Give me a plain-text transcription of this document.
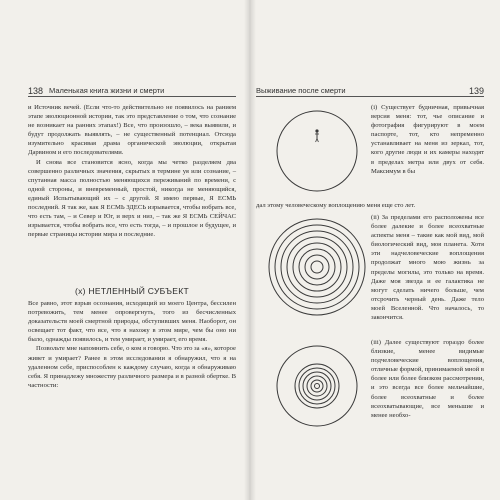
138 Маленькая книга жизни и смерти

и Источник вечей. (Если что-то действительно не появилось на ранием этапе эволюционной истории, так это представление о том, что сознание не возникает на ранних этапах!) Все, что произошло, – века выявили, и будут продолжать выявлять, – не существенный потенциал. Отсюда изумительно красивая драма органической эволюции, открытая Дарвином и его последователями.

И снова все становится ясно, когда мы четко разделяем два совершенно различных значения, скрытых в термине уя или сознание, – спутанная масса полностью меняющихся переживаний по времени, с одной стороны, и вневременный, простой, никогда не меняющийся, единый Испытывающий их – с другой. Я имею первые, Я ЕСМЬ последний. Я так же, как Я ЕСМЬ ЗДЕСЬ изрывается, чтобы вобрать все, что есть там, – и Север и Юг, и верх и низ, – так же Я ЕСМЬ СЕЙЧАС изрывается, чтобы вобрать все, что есть тогда, – и прошлое и будущее, и первые страницы истории мира и последние.

(х) НЕТЛЕННЫЙ СУБЪЕКТ

Все равно, этот взрыв осознания, исходящий из моего Центра, бессилен потревожить, тем менее опровергнуть, того из бесчисленных доказательств моей смертной природы, обступивших меня. Наоборот, он освещает тот факт, что все, что я нахожу в этом мире, чем бы оно ни было, однажды появилось, и тем умирает, и умирает, его время.

Позвольте мне напомнить себе, о ком я говорю. Что это за «я», которое живет и умирает? Ранее в этом исследовании я обнаружил, что я на удаленном себе, приспособлен к каждому случаю, когда я обнаруживаю себя. Я принадлежу множеству различного размера и в разной обертке. В частности:

Выживание после смерти	139
(i) Существует будничная, привычная версия меня: тот, чье описание и фотография фигурируют в моем паспорте, тот, кто непременно устанавливает на меня из зеркал, тот, кого другие люди и их камеры находят в пределах метра или двух от себя. Максимум в бы
дал этому человеческому воплощению меня еще сто лет.
(ii) За пределами его расположены все более далекие и более всеохватные аспекты меня – такие как мой вид, мой биологический вид, моя планета. Хотя эти надчеловеческие воплощения продолжат много мою жизнь за пределы могилы, это только на время. Даже моя звезда и ее галактика не могут сделать ничего больше, чем отсрочить черный день. Даже тело моей Вселенной. Что началось, то закончится.
(iii) Далее существуют гораздо более близкие, менее видимые подчеловеческие воплощения, отличные формой, принимаемой мной в более или более близком рассмотрении, и это всегда все более мельчайшие, более всеохватные и более всеохватывающие, все меньшие и менее необхо-
